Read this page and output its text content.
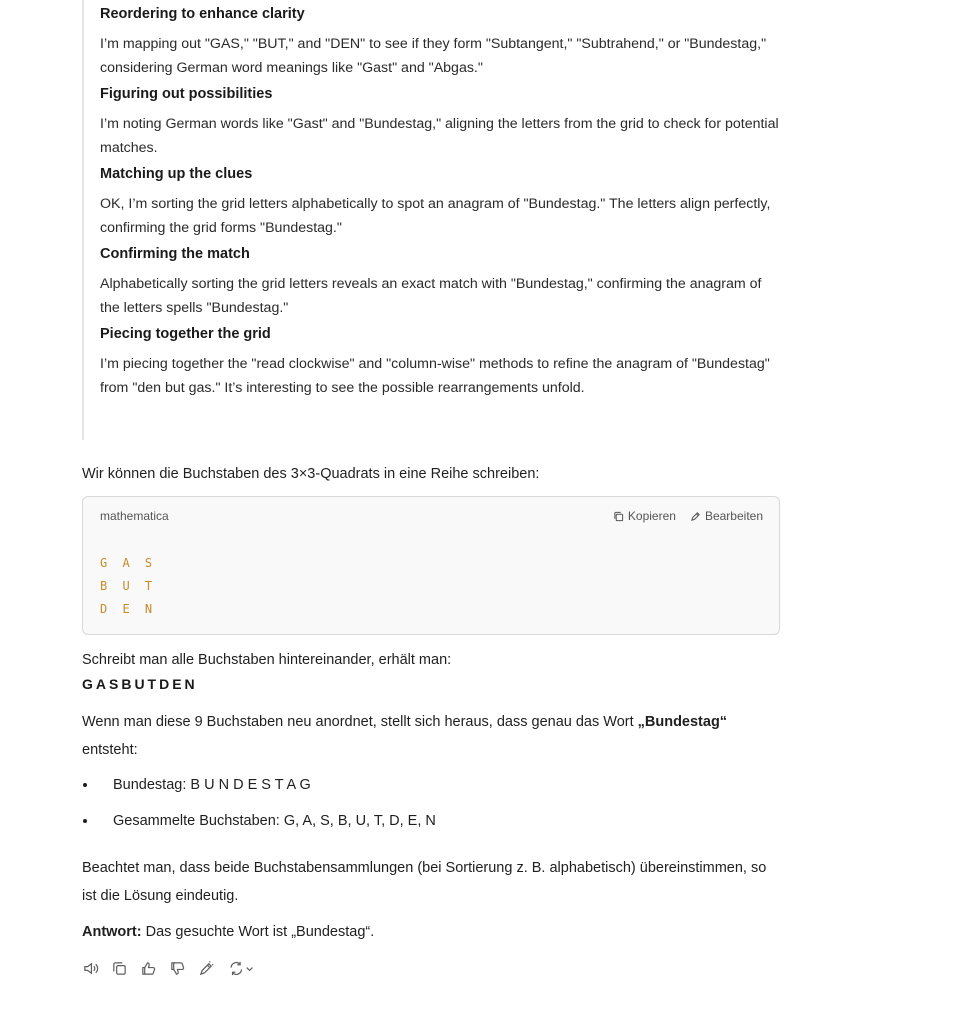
Reordering to enhance clarity
I’m mapping out "GAS," "BUT," and "DEN" to see if they form "Subtangent," "Subtrahend," or "Bundestag," considering German word meanings like "Gast" and "Abgas."
Figuring out possibilities
I’m noting German words like "Gast" and "Bundestag," aligning the letters from the grid to check for potential matches.
Matching up the clues
OK, I’m sorting the grid letters alphabetically to spot an anagram of "Bundestag." The letters align perfectly, confirming the grid forms "Bundestag."
Confirming the match
Alphabetically sorting the grid letters reveals an exact match with "Bundestag," confirming the anagram of the letters spells "Bundestag."
Piecing together the grid
I’m piecing together the "read clockwise" and "column-wise" methods to refine the anagram of "Bundestag" from "den but gas." It’s interesting to see the possible rearrangements unfold.

Wir können die Buchstaben des 3×3-Quadrats in eine Reihe schreiben:

mathematica	Kopieren Bearbeiten
G A S
B U T
D E N

Schreibt man alle Buchstaben hintereinander, erhält man:

GASBUTDEN

Wenn man diese 9 Buchstaben neu anordnet, stellt sich heraus, dass genau das Wort „Bundestag“ entsteht:

Bundestag: B U N D E S T A G
Gesammelte Buchstaben: G, A, S, B, U, T, D, E, N

Beachtet man, dass beide Buchstabensammlungen (bei Sortierung z. B. alphabetisch) übereinstimmen, so ist die Lösung eindeutig.

Antwort: Das gesuchte Wort ist „Bundestag“.
